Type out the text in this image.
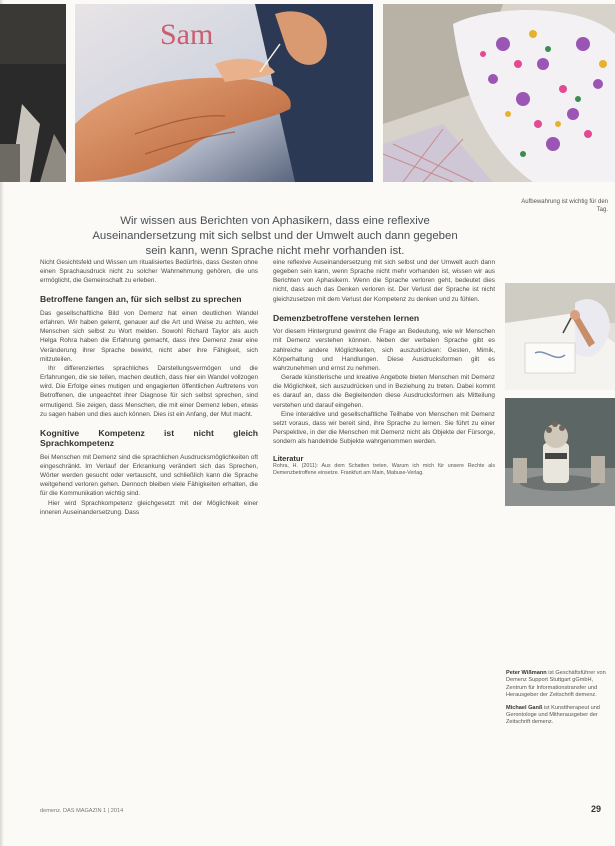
Sam
Wir wissen aus Berichten von Aphasikern, dass eine reflexive
Auseinandersetzung mit sich selbst und der Umwelt auch dann gegeben
sein kann, wenn Sprache nicht mehr vorhanden ist.
Aufbewahrung ist wichtig für den Tag.

Nicht Gesichtsfeld und Wissen um ritualisiertes Bedürfnis, dass Gesten ohne einen Sprachausdruck nicht zu solcher Wahrnehmung gehören, die uns ermöglicht, die Gemeinschaft zu erleben.

Betroffene fangen an, für sich selbst zu sprechen

Das gesellschaftliche Bild von Demenz hat einen deutlichen Wandel erfahren. Wir haben gelernt, genauer auf die Art und Weise zu achten, wie Menschen sich selbst zu Wort melden. Sowohl Richard Taylor als auch Helga Rohra haben die Erfahrung gemacht, dass ihre Demenz zwar eine Veränderung ihrer Sprache bewirkt, nicht aber ihre Fähigkeit, sich mitzuteilen.

Ihr differenziertes sprachliches Darstellungsvermögen und die Erfahrungen, die sie teilen, machen deutlich, dass hier ein Wandel vollzogen wird. Die Erfolge eines mutigen und engagierten öffentlichen Auftretens von Betroffenen, die ungeachtet ihrer Diagnose für sich selbst sprechen, sind ermutigend. Sie zeigen, dass Menschen, die mit einer Demenz leben, etwas zu sagen haben und dies auch können. Dies ist ein Anfang, der Mut macht.

Kognitive Kompetenz ist nicht gleich Sprachkompetenz

Bei Menschen mit Demenz sind die sprachlichen Ausdrucksmöglichkeiten oft eingeschränkt. Im Verlauf der Erkrankung verändert sich das Sprechen, Wörter werden gesucht oder vertauscht, und schließlich kann die Sprache weitgehend verloren gehen. Dennoch bleiben viele Fähigkeiten erhalten, die für die Kommunikation wichtig sind.

Hier wird Sprachkompetenz gleichgesetzt mit der Möglichkeit einer inneren Auseinandersetzung. Dass

eine reflexive Auseinandersetzung mit sich selbst und der Umwelt auch dann gegeben sein kann, wenn Sprache nicht mehr vorhanden ist, wissen wir aus Berichten von Aphasikern. Wenn die Sprache verloren geht, bedeutet dies nicht, dass auch das Denken verloren ist. Der Verlust der Sprache ist nicht gleichzusetzen mit dem Verlust der Kompetenz zu denken und zu fühlen.

Demenzbetroffene verstehen lernen

Vor diesem Hintergrund gewinnt die Frage an Bedeutung, wie wir Menschen mit Demenz verstehen können. Neben der verbalen Sprache gibt es zahlreiche andere Möglichkeiten, sich auszudrücken: Gesten, Mimik, Körperhaltung und Handlungen. Diese Ausdrucksformen gilt es wahrzunehmen und ernst zu nehmen.

Gerade künstlerische und kreative Angebote bieten Menschen mit Demenz die Möglichkeit, sich auszudrücken und in Beziehung zu treten. Dabei kommt es darauf an, dass die Begleitenden diese Ausdrucksformen als Mitteilung verstehen und darauf eingehen.

Eine interaktive und gesellschaftliche Teilhabe von Menschen mit Demenz setzt voraus, dass wir bereit sind, ihre Sprache zu lernen. Sie führt zu einer Perspektive, in der die Menschen mit Demenz nicht als Objekte der Fürsorge, sondern als handelnde Subjekte wahrgenommen werden.

Literatur
Rohra, H. (2011): Aus dem Schatten treten. Warum ich mich für unsere Rechte als Demenzbetroffene einsetze. Frankfurt am Main, Mabuse-Verlag.

Peter Wißmann ist Geschäftsführer von Demenz Support Stuttgart gGmbH, Zentrum für Informationstransfer und Herausgeber der Zeitschrift demenz.

Michael Ganß ist Kunsttherapeut und Gerontologe und Mitherausgeber der Zeitschrift demenz.

demenz. DAS MAGAZIN 1 | 2014	29
